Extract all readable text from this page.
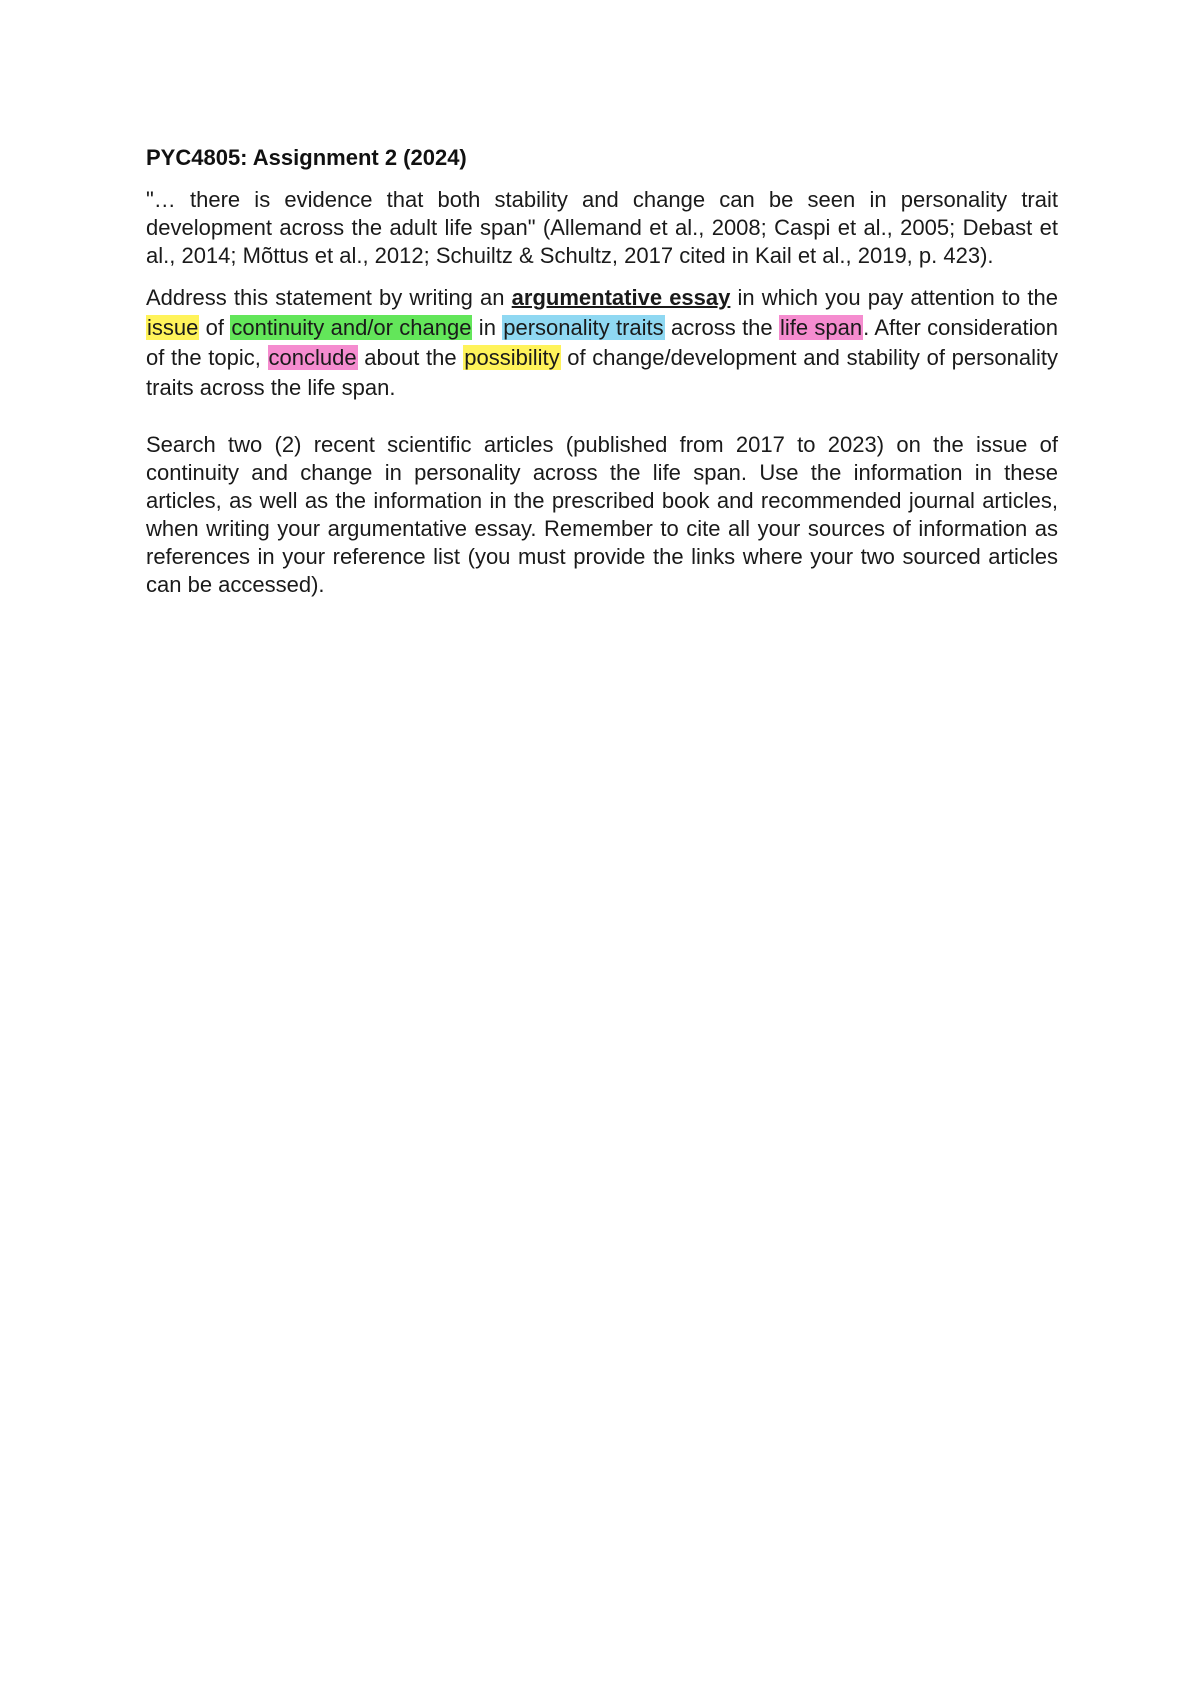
PYC4805: Assignment 2 (2024)

"… there is evidence that both stability and change can be seen in personality trait development across the adult life span" (Allemand et al., 2008; Caspi et al., 2005; Debast et al., 2014; Mõttus et al., 2012; Schuiltz & Schultz, 2017 cited in Kail et al., 2019, p. 423).

Address this statement by writing an argumentative essay in which you pay attention to the issue of continuity and/or change in personality traits across the life span. After consideration of the topic, conclude about the possibility of change/development and stability of personality traits across the life span.

Search two (2) recent scientific articles (published from 2017 to 2023) on the issue of continuity and change in personality across the life span. Use the information in these articles, as well as the information in the prescribed book and recommended journal articles, when writing your argumentative essay. Remember to cite all your sources of information as references in your reference list (you must provide the links where your two sourced articles can be accessed).
